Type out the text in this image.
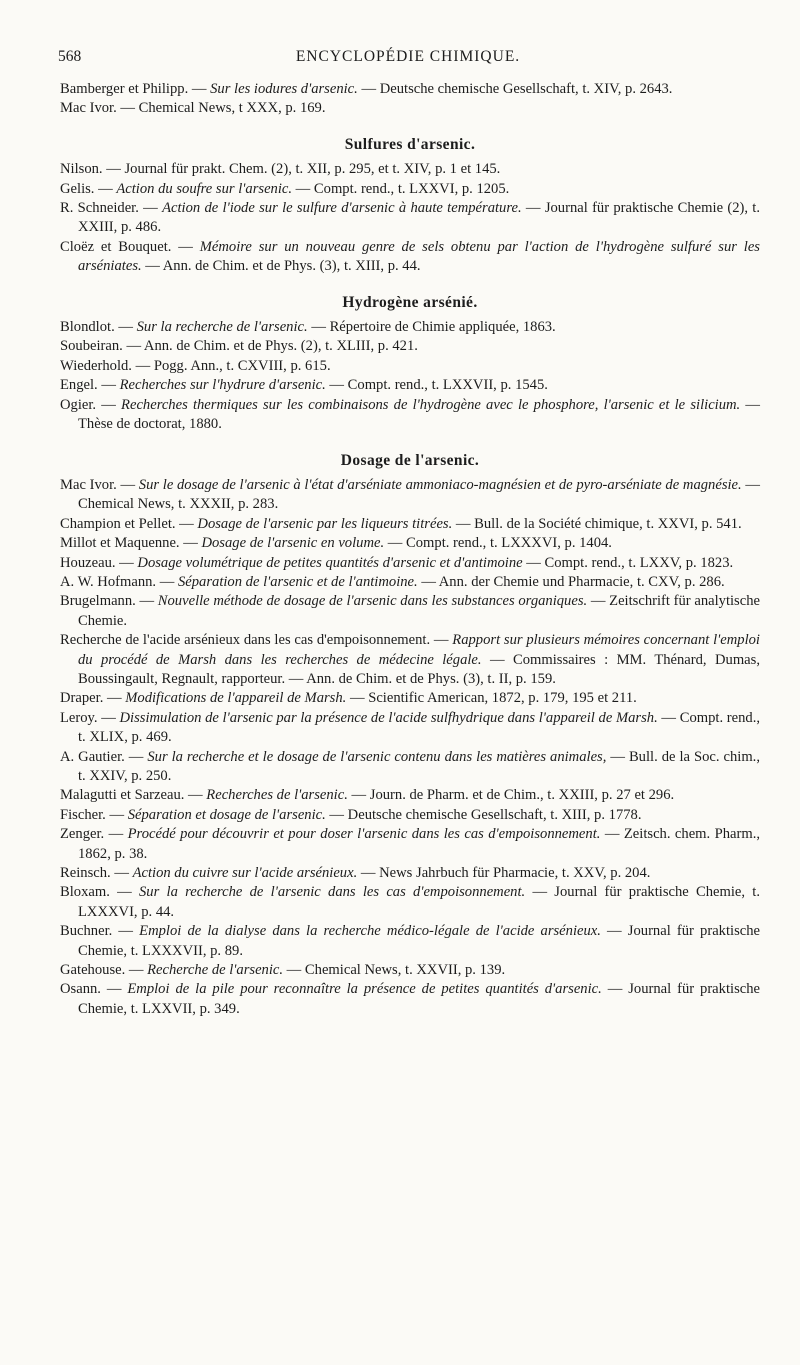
568	ENCYCLOPÉDIE CHIMIQUE.
Bamberger et Philipp. — Sur les iodures d'arsenic. — Deutsche chemische Gesellschaft, t. XIV, p. 2643.
Mac Ivor. — Chemical News, t XXX, p. 169.
Sulfures d'arsenic.
Nilson. — Journal für prakt. Chem. (2), t. XII, p. 295, et t. XIV, p. 1 et 145.
Gelis. — Action du soufre sur l'arsenic. — Compt. rend., t. LXXVI, p. 1205.
R. Schneider. — Action de l'iode sur le sulfure d'arsenic à haute température. — Journal für praktische Chemie (2), t. XXIII, p. 486.
Cloëz et Bouquet. — Mémoire sur un nouveau genre de sels obtenu par l'action de l'hydrogène sulfuré sur les arséniates. — Ann. de Chim. et de Phys. (3), t. XIII, p. 44.
Hydrogène arsénié.
Blondlot. — Sur la recherche de l'arsenic. — Répertoire de Chimie appliquée, 1863.
Soubeiran. — Ann. de Chim. et de Phys. (2), t. XLIII, p. 421.
Wiederhold. — Pogg. Ann., t. CXVIII, p. 615.
Engel. — Recherches sur l'hydrure d'arsenic. — Compt. rend., t. LXXVII, p. 1545.
Ogier. — Recherches thermiques sur les combinaisons de l'hydrogène avec le phosphore, l'arsenic et le silicium. — Thèse de doctorat, 1880.
Dosage de l'arsenic.
Mac Ivor. — Sur le dosage de l'arsenic à l'état d'arséniate ammoniaco-magnésien et de pyro-arséniate de magnésie. — Chemical News, t. XXXII, p. 283.
Champion et Pellet. — Dosage de l'arsenic par les liqueurs titrées. — Bull. de la Société chimique, t. XXVI, p. 541.
Millot et Maquenne. — Dosage de l'arsenic en volume. — Compt. rend., t. LXXXVI, p. 1404.
Houzeau. — Dosage volumétrique de petites quantités d'arsenic et d'antimoine — Compt. rend., t. LXXV, p. 1823.
A. W. Hofmann. — Séparation de l'arsenic et de l'antimoine. — Ann. der Chemie und Pharmacie, t. CXV, p. 286.
Brugelmann. — Nouvelle méthode de dosage de l'arsenic dans les substances organiques. — Zeitschrift für analytische Chemie.
Recherche de l'acide arsénieux dans les cas d'empoisonnement. — Rapport sur plusieurs mémoires concernant l'emploi du procédé de Marsh dans les recherches de médecine légale. — Commissaires : MM. Thénard, Dumas, Boussingault, Regnault, rapporteur. — Ann. de Chim. et de Phys. (3), t. II, p. 159.
Draper. — Modifications de l'appareil de Marsh. — Scientific American, 1872, p. 179, 195 et 211.
Leroy. — Dissimulation de l'arsenic par la présence de l'acide sulfhydrique dans l'appareil de Marsh. — Compt. rend., t. XLIX, p. 469.
A. Gautier. — Sur la recherche et le dosage de l'arsenic contenu dans les matières animales, — Bull. de la Soc. chim., t. XXIV, p. 250.
Malagutti et Sarzeau. — Recherches de l'arsenic. — Journ. de Pharm. et de Chim., t. XXIII, p. 27 et 296.
Fischer. — Séparation et dosage de l'arsenic. — Deutsche chemische Gesellschaft, t. XIII, p. 1778.
Zenger. — Procédé pour découvrir et pour doser l'arsenic dans les cas d'empoisonnement. — Zeitsch. chem. Pharm., 1862, p. 38.
Reinsch. — Action du cuivre sur l'acide arsénieux. — News Jahrbuch für Pharmacie, t. XXV, p. 204.
Bloxam. — Sur la recherche de l'arsenic dans les cas d'empoisonnement. — Journal für praktische Chemie, t. LXXXVI, p. 44.
Buchner. — Emploi de la dialyse dans la recherche médico-légale de l'acide arsénieux. — Journal für praktische Chemie, t. LXXXVII, p. 89.
Gatehouse. — Recherche de l'arsenic. — Chemical News, t. XXVII, p. 139.
Osann. — Emploi de la pile pour reconnaître la présence de petites quantités d'arsenic. — Journal für praktische Chemie, t. LXXVII, p. 349.
